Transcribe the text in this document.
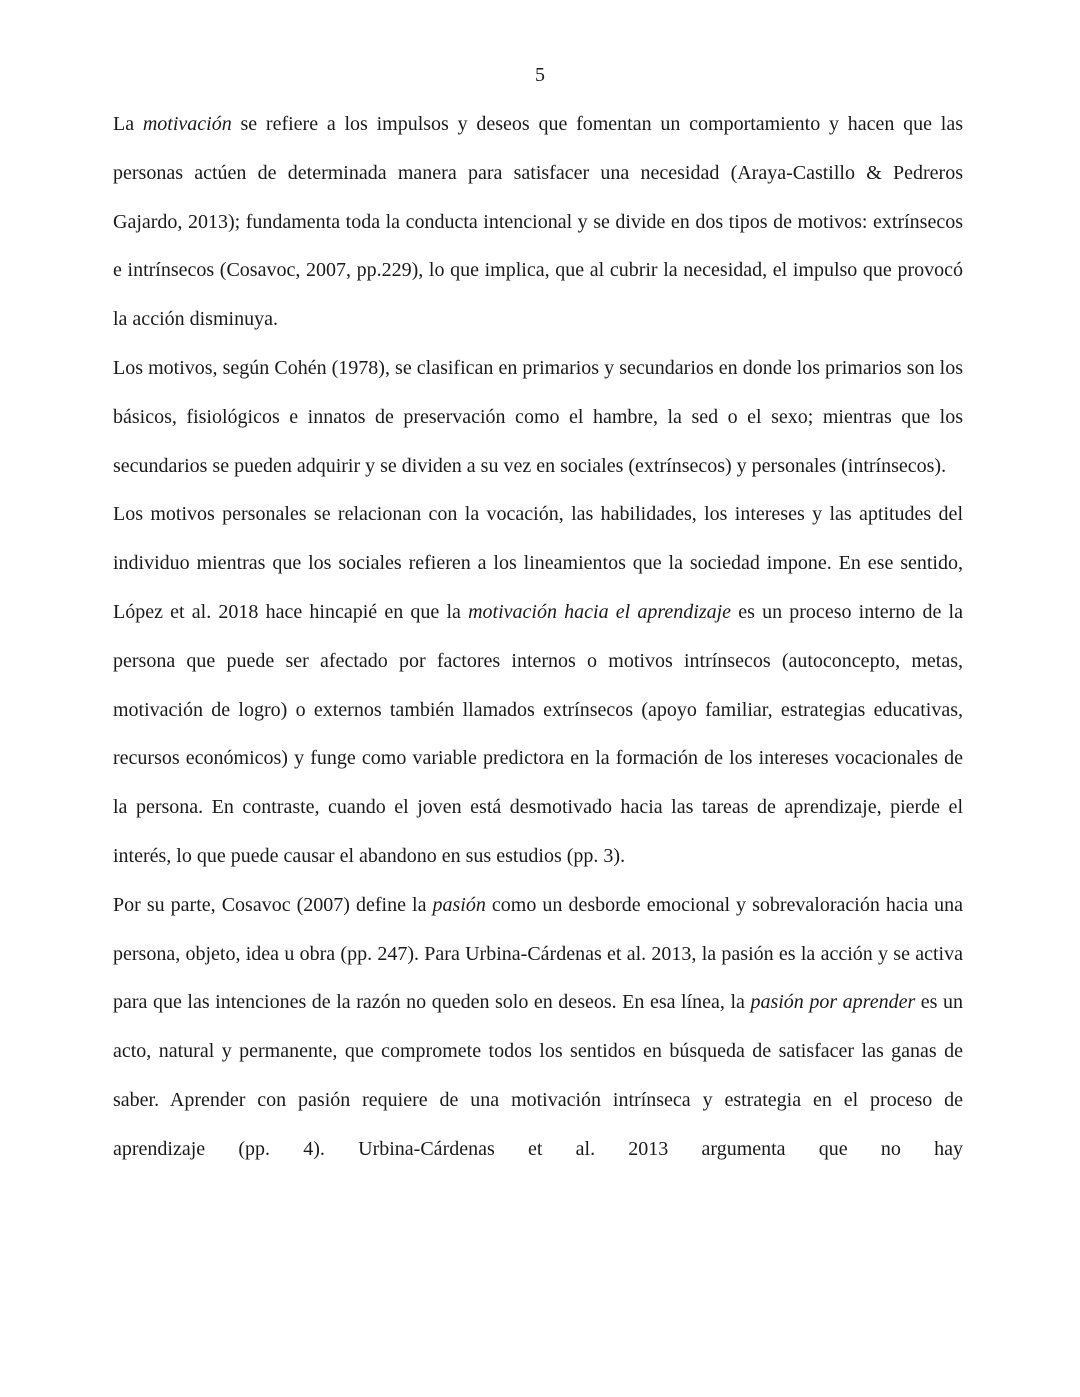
5

La motivación se refiere a los impulsos y deseos que fomentan un comportamiento y hacen que las personas actúen de determinada manera para satisfacer una necesidad (Araya-Castillo & Pedreros Gajardo, 2013); fundamenta toda la conducta intencional y se divide en dos tipos de motivos: extrínsecos e intrínsecos (Cosavoc, 2007, pp.229), lo que implica, que al cubrir la necesidad, el impulso que provocó la acción disminuya.

Los motivos, según Cohén (1978), se clasifican en primarios y secundarios en donde los primarios son los básicos, fisiológicos e innatos de preservación como el hambre, la sed o el sexo; mientras que los secundarios se pueden adquirir y se dividen a su vez en sociales (extrínsecos) y personales (intrínsecos).

Los motivos personales se relacionan con la vocación, las habilidades, los intereses y las aptitudes del individuo mientras que los sociales refieren a los lineamientos que la sociedad impone. En ese sentido, López et al. 2018 hace hincapié en que la motivación hacia el aprendizaje es un proceso interno de la persona que puede ser afectado por factores internos o motivos intrínsecos (autoconcepto, metas, motivación de logro) o externos también llamados extrínsecos (apoyo familiar, estrategias educativas, recursos económicos) y funge como variable predictora en la formación de los intereses vocacionales de la persona. En contraste, cuando el joven está desmotivado hacia las tareas de aprendizaje, pierde el interés, lo que puede causar el abandono en sus estudios (pp. 3).

Por su parte, Cosavoc (2007) define la pasión como un desborde emocional y sobrevaloración hacia una persona, objeto, idea u obra (pp. 247). Para Urbina-Cárdenas et al. 2013, la pasión es la acción y se activa para que las intenciones de la razón no queden solo en deseos. En esa línea, la pasión por aprender es un acto, natural y permanente, que compromete todos los sentidos en búsqueda de satisfacer las ganas de saber. Aprender con pasión requiere de una motivación intrínseca y estrategia en el proceso de aprendizaje (pp. 4). Urbina-Cárdenas et al. 2013 argumenta que no hay
